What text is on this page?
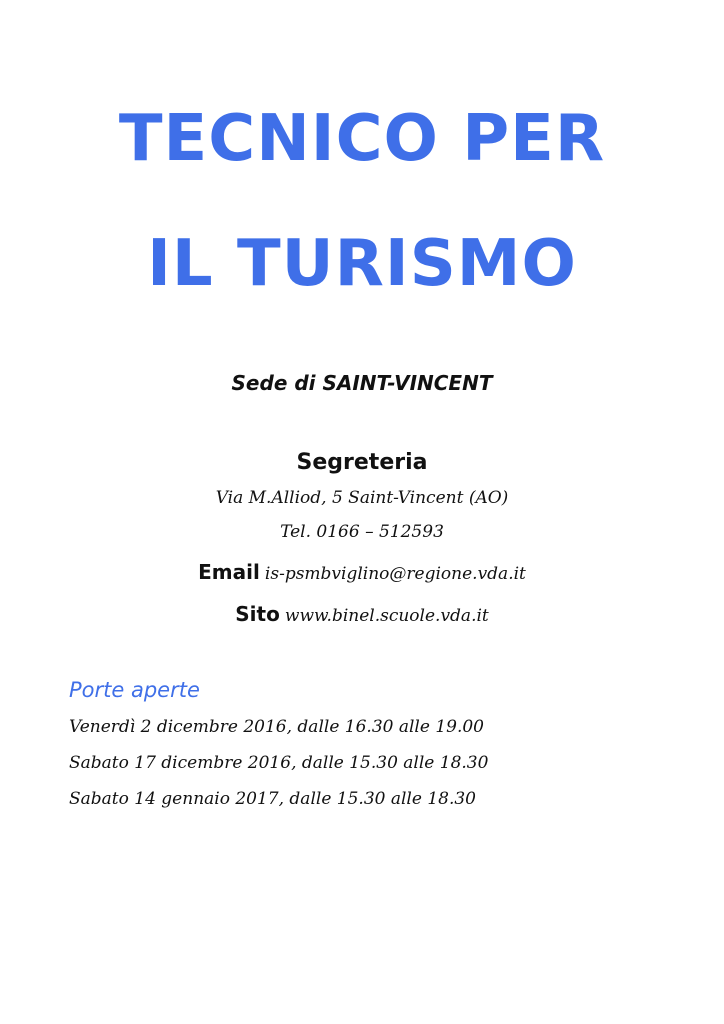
TECNICO PER
IL TURISMO
Sede di SAINT-VINCENT
Segreteria
Via M.Alliod, 5 Saint-Vincent (AO)
Tel. 0166 – 512593
Email is-psmbviglino@regione.vda.it
Sito www.binel.scuole.vda.it
Porte aperte
Venerdì 2 dicembre 2016, dalle 16.30 alle 19.00
Sabato 17 dicembre 2016, dalle 15.30 alle 18.30
Sabato 14 gennaio 2017, dalle 15.30 alle 18.30
